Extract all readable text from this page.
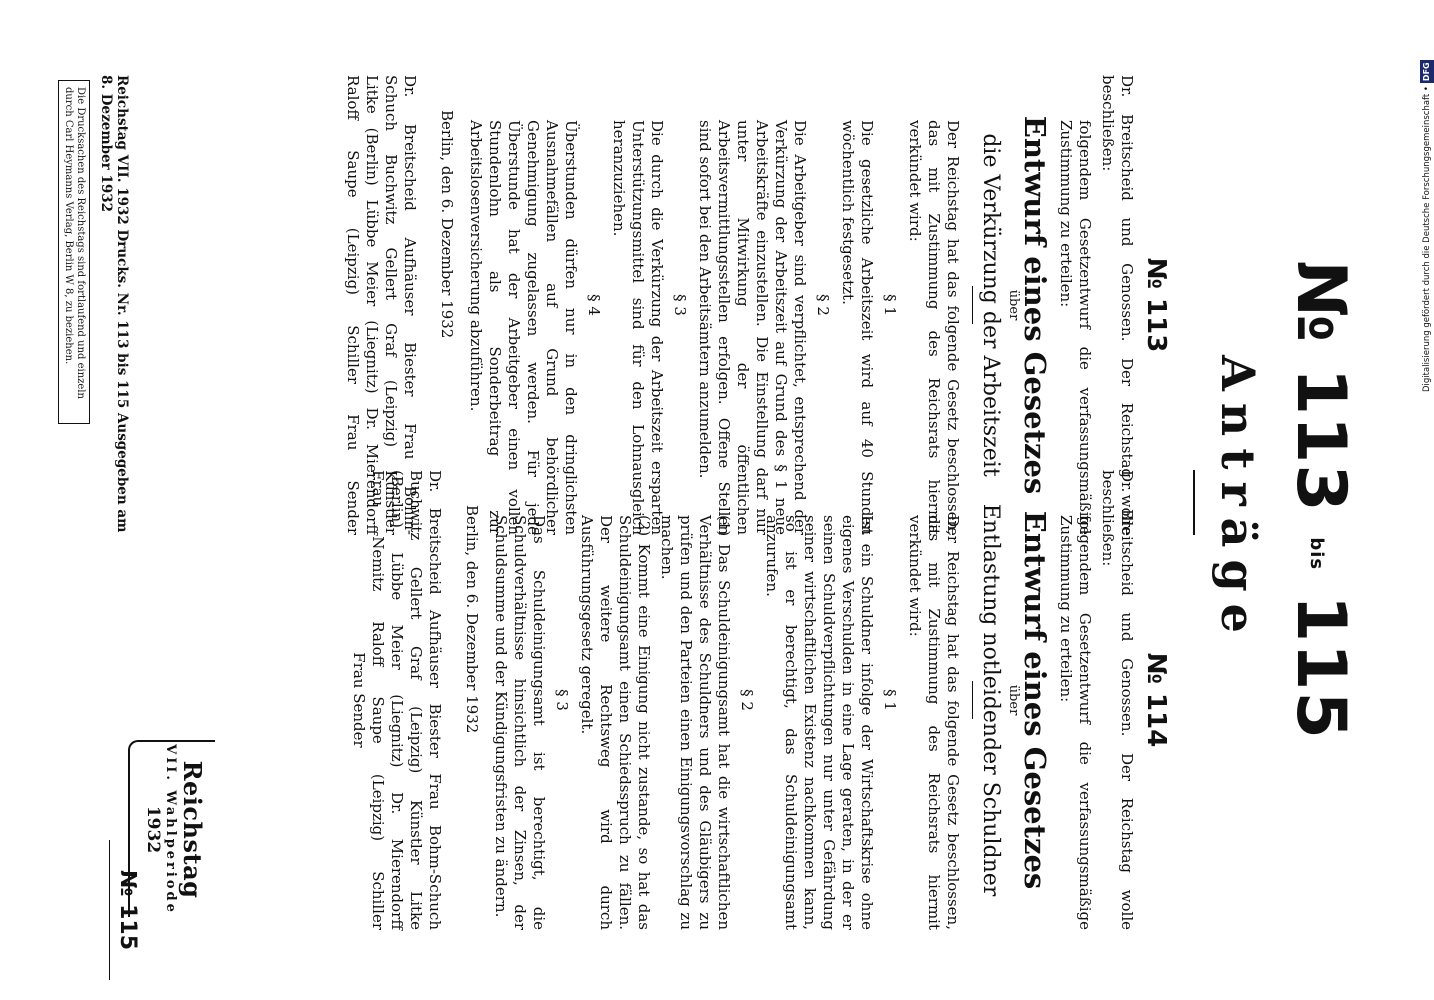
Reichstag
VII. Wahlperiode
1932
№ 113 bis 115
Anträge
№ 113

Dr. Breitscheid und Genossen. Der Reichstag wolle beschließen:

folgendem Gesetzentwurf die verfassungsmäßige Zustimmung zu erteilen:

Entwurf eines Gesetzes
über
die Verkürzung der Arbeitszeit

Der Reichstag hat das folgende Gesetz beschlossen, das mit Zustimmung des Reichsrats hiermit verkündet wird:

§ 1

Die gesetzliche Arbeitszeit wird auf 40 Stunden wöchentlich festgesetzt.

§ 2

Die Arbeitgeber sind verpflichtet, entsprechend der Verkürzung der Arbeitszeit auf Grund des § 1 neue Arbeitskräfte einzustellen. Die Einstellung darf nur unter Mitwirkung der öffentlichen Arbeitsvermittlungsstellen erfolgen. Offene Stellen sind sofort bei den Arbeitsämtern anzumelden.

§ 3

Die durch die Verkürzung der Arbeitszeit ersparten Unterstützungsmittel sind für den Lohnausgleich heranzuziehen.

§ 4

Überstunden dürfen nur in den dringlichsten Ausnahmefällen auf Grund behördlicher Genehmigung zugelassen werden. Für jede Überstunde hat der Arbeitgeber einen vollen Stundenlohn als Sonderbeitrag zur Arbeitslosenversicherung abzuführen.

Berlin, den 6. Dezember 1932

Dr. Breitscheid Aufhäuser Biester Frau Bohm-

Schuch Buchwitz Gellert Graf (Leipzig) Künstler

Litke (Berlin) Lübbe Meier (Liegnitz) Dr. Mierendorff

Raloff Saupe (Leipzig) Schiller Frau Sender

№ 114

Dr. Breitscheid und Genossen. Der Reichstag wolle beschließen:

folgendem Gesetzentwurf die verfassungsmäßige Zustimmung zu erteilen:

Entwurf eines Gesetzes
über
Entlastung notleidender Schuldner

Der Reichstag hat das folgende Gesetz beschlossen, das mit Zustimmung des Reichsrats hiermit verkündet wird:

§ 1

Ist ein Schuldner infolge der Wirtschaftskrise ohne eigenes Verschulden in eine Lage geraten, in der er seinen Schuldverpflichtungen nur unter Gefährdung seiner wirtschaftlichen Existenz nachkommen kann, so ist er berechtigt, das Schuldeinigungsamt anzurufen.

§ 2

(1) Das Schuldeinigungsamt hat die wirtschaftlichen Verhältnisse des Schuldners und des Gläubigers zu prüfen und den Parteien einen Einigungsvorschlag zu machen.

(2) Kommt eine Einigung nicht zustande, so hat das Schuldeinigungsamt einen Schiedsspruch zu fällen. Der weitere Rechtsweg wird durch Ausführungsgesetz geregelt.

§ 3

Das Schuldeinigungsamt ist berechtigt, die Schuldverhältnisse hinsichtlich der Zinsen, der Schuldsumme und der Kündigungsfristen zu ändern.

Berlin, den 6. Dezember 1932

Dr. Breitscheid Aufhäuser Biester Frau Bohm-Schuch

Buchwitz Gellert Graf (Leipzig) Künstler Litke

(Berlin) Lübbe Meier (Liegnitz) Dr. Mierendorff

Frau Nemitz Raloff Saupe (Leipzig) Schiller

Frau Sender

Reichstag VII. 1932 Drucks. Nr. 113 bis 115 Ausgegeben am 8. Dezember 1932
№ 115
Die Drucksachen des Reichstags sind fortlaufend und einzeln
durch Carl Heymanns Verlag, Berlin W 8, zu beziehen.	Digitalisierung gefördert durch die Deutsche Forschungsgemeinschaft •DFG
